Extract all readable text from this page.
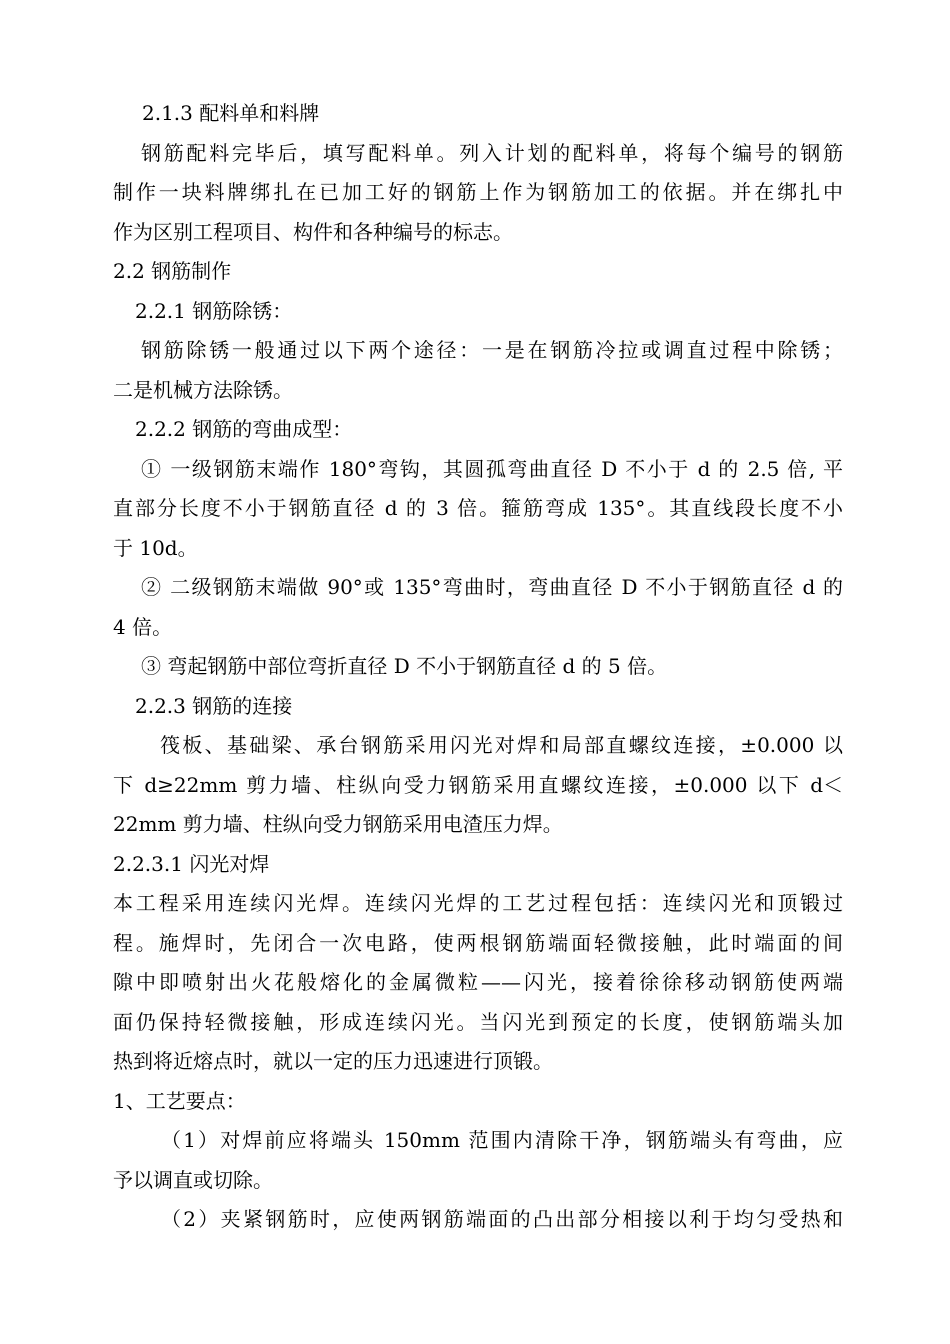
2.1.3 配料单和料牌
钢筋配料完毕后，填写配料单。列入计划的配料单，将每个编号的钢筋
制作一块料牌绑扎在已加工好的钢筋上作为钢筋加工的依据。并在绑扎中
作为区别工程项目、构件和各种编号的标志。
2.2 钢筋制作
2.2.1 钢筋除锈：
钢筋除锈一般通过以下两个途径：一是在钢筋冷拉或调直过程中除锈；
二是机械方法除锈。
2.2.2 钢筋的弯曲成型：
① 一级钢筋末端作 180°弯钩，其圆孤弯曲直径 D 不小于 d 的 2.5 倍, 平
直部分长度不小于钢筋直径 d 的 3 倍。箍筋弯成 135°。其直线段长度不小
于 10d。
② 二级钢筋末端做 90°或 135°弯曲时，弯曲直径 D 不小于钢筋直径 d 的
4 倍。
③ 弯起钢筋中部位弯折直径 D 不小于钢筋直径 d 的 5 倍。
2.2.3 钢筋的连接
筏板、基础梁、承台钢筋采用闪光对焊和局部直螺纹连接，±0.000 以
下 d≥22mm 剪力墙、柱纵向受力钢筋采用直螺纹连接，±0.000 以下 d＜
22mm 剪力墙、柱纵向受力钢筋采用电渣压力焊。
2.2.3.1 闪光对焊
本工程采用连续闪光焊。连续闪光焊的工艺过程包括：连续闪光和顶锻过
程。施焊时，先闭合一次电路，使两根钢筋端面轻微接触，此时端面的间
隙中即喷射出火花般熔化的金属微粒——闪光，接着徐徐移动钢筋使两端
面仍保持轻微接触，形成连续闪光。当闪光到预定的长度，使钢筋端头加
热到将近熔点时，就以一定的压力迅速进行顶锻。
1、工艺要点：
（1）对焊前应将端头 150mm 范围内清除干净，钢筋端头有弯曲，应
予以调直或切除。
（2）夹紧钢筋时，应使两钢筋端面的凸出部分相接以利于均匀受热和
